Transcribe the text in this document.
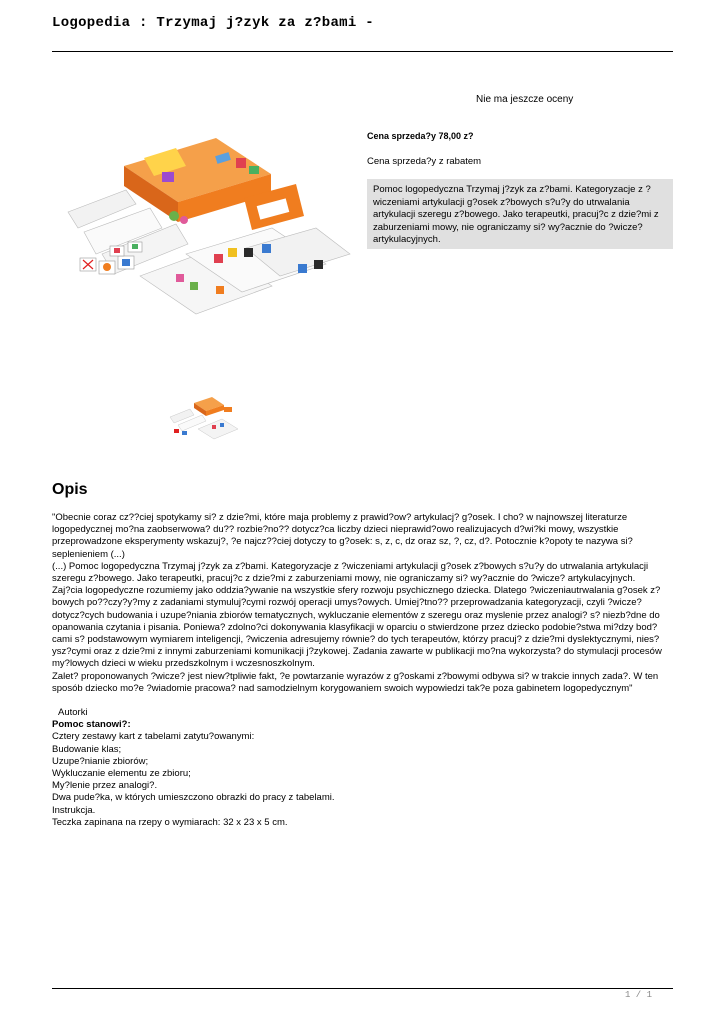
Logopedia : Trzymaj j?zyk za z?bami -
Nie ma jeszcze oceny
Cena sprzeda?y 78,00 z?
Cena sprzeda?y z rabatem
Pomoc logopedyczna Trzymaj j?zyk za z?bami. Kategoryzacje z ?wiczeniami artykulacji g?osek z?bowych s?u?y do utrwalania artykulacji szeregu z?bowego. Jako terapeutki, pracuj?c z dzie?mi z zaburzeniami mowy, nie ograniczamy si? wy?acznie do ?wicze? artykulacyjnych.
Opis

"Obecnie coraz cz??ciej spotykamy si? z dzie?mi, które maja problemy z prawid?ow? artykulacj? g?osek. I cho? w najnowszej literaturze logopedycznej mo?na zaobserwowa? du?? rozbie?no?? dotycz?ca liczby dzieci nieprawid?owo realizujacych d?wi?ki mowy, wszystkie przeprowadzone eksperymenty wskazuj?, ?e najcz??ciej dotyczy to g?osek: s, z, c, dz oraz sz, ?, cz, d?. Potocznie k?opoty te nazywa si? seplenieniem (...)

(...) Pomoc logopedyczna Trzymaj j?zyk za z?bami. Kategoryzacje z ?wiczeniami artykulacji g?osek z?bowych s?u?y do utrwalania artykulacji szeregu z?bowego. Jako terapeutki, pracuj?c z dzie?mi z zaburzeniami mowy, nie ograniczamy si? wy?acznie do ?wicze? artykulacyjnych.

Zaj?cia logopedyczne rozumiemy jako oddzia?ywanie na wszystkie sfery rozwoju psychicznego dziecka. Dlatego ?wiczeniautrwalania g?osek z?bowych po??czy?y?my z zadaniami stymuluj?cymi rozwój operacji umys?owych. Umiej?tno?? przeprowadzania kategoryzacji, czyli ?wicze? dotycz?cych budowania i uzupe?niania zbiorów tematycznych, wykluczanie elementów z szeregu oraz myslenie przez analogi? s? niezb?dne do opanowania czytania i pisania. Poniewa? zdolno?ci dokonywania klasyfikacji w oparciu o stwierdzone przez dziecko podobie?stwa mi?dzy bod?cami s? podstawowym wymiarem inteligencji, ?wiczenia adresujemy równie? do tych terapeutów, którzy pracuj? z dzie?mi dyslektycznymi, nies?ysz?cymi oraz z dzie?mi z innymi zaburzeniami komunikacji j?zykowej. Zadania zawarte w publikacji mo?na wykorzysta? do stymulacji procesów my?lowych dzieci w wieku przedszkolnym i wczesnoszkolnym.

Zalet? proponowanych ?wicze? jest niew?tpliwie fakt, ?e powtarzanie wyrazów z g?oskami z?bowymi odbywa si? w trakcie innych zada?. W ten sposób dziecko mo?e ?wiadomie pracowa? nad samodzielnym korygowaniem swoich wypowiedzi tak?e poza gabinetem logopedycznym"

Autorki

Pomoc stanowi?:

Cztery zestawy kart z tabelami zatytu?owanymi:

Budowanie klas;

Uzupe?nianie zbiorów;

Wykluczanie elementu ze zbioru;

My?lenie przez analogi?.

Dwa pude?ka, w których umieszczono obrazki do pracy z tabelami.

Instrukcja.

Teczka zapinana na rzepy o wymiarach: 32 x 23 x 5 cm.

1 / 1
